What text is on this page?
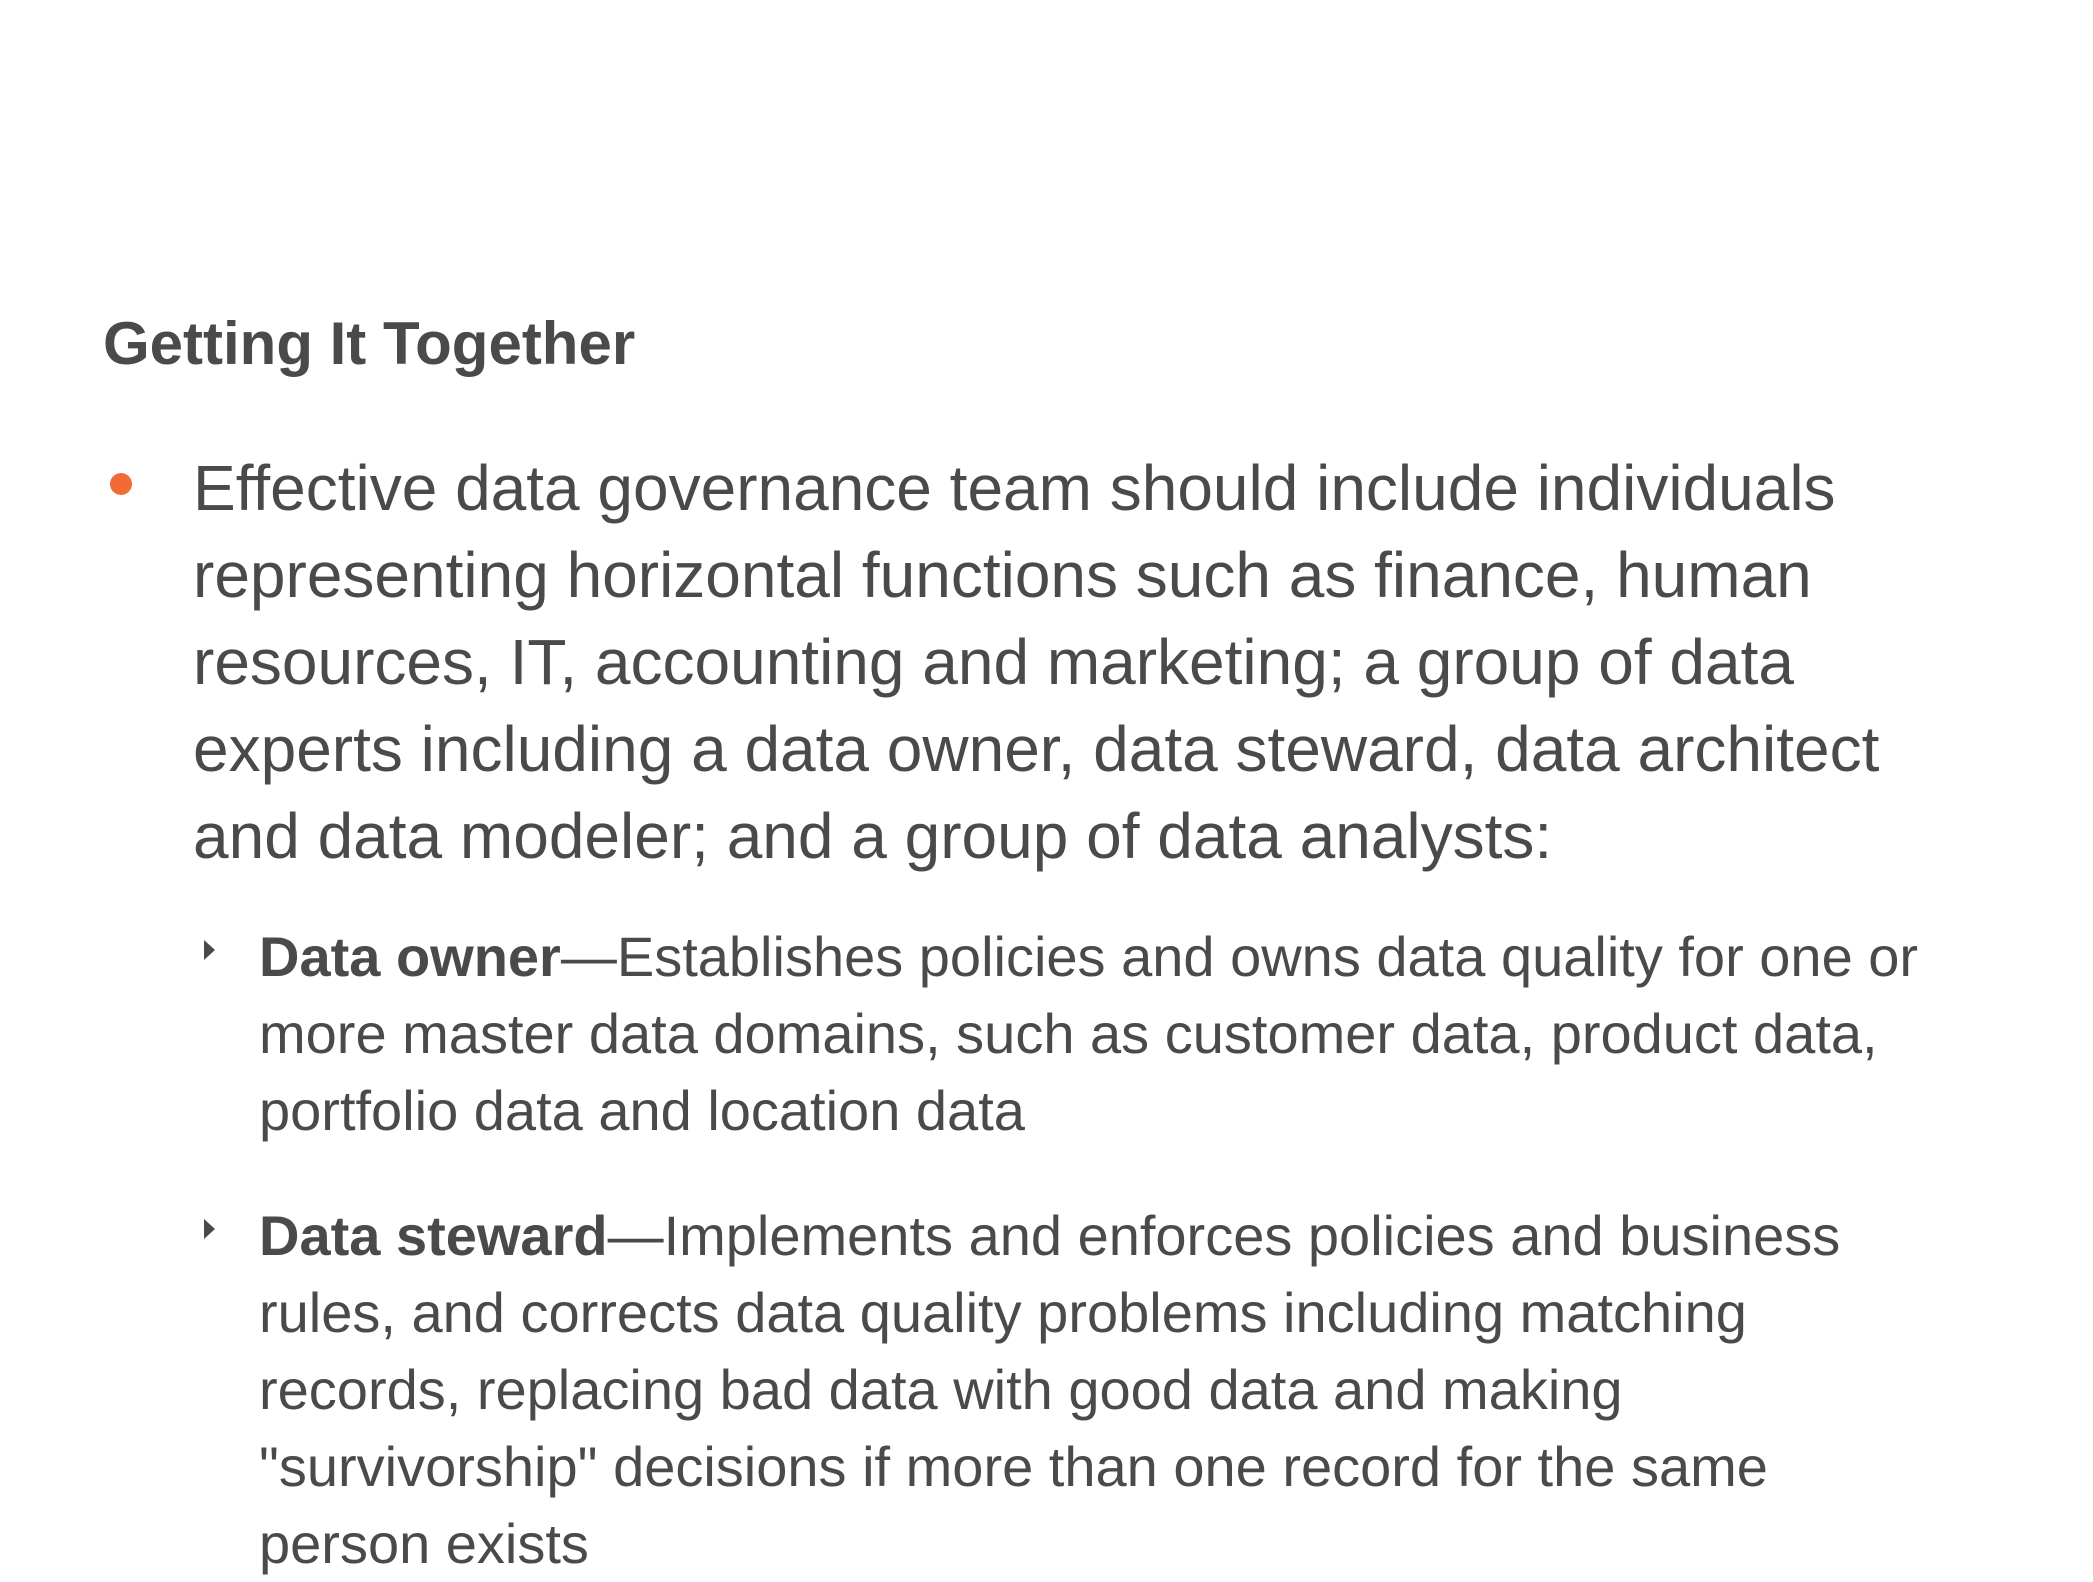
Getting It Together
Effective data governance team should include individuals
representing horizontal functions such as finance, human
resources, IT, accounting and marketing; a group of data
experts including a data owner, data steward, data architect
and data modeler; and a group of data analysts:
Data owner—Establishes policies and owns data quality for one or
more master data domains, such as customer data, product data,
portfolio data and location data
Data steward—Implements and enforces policies and business
rules, and corrects data quality problems including matching
records, replacing bad data with good data and making
"survivorship" decisions if more than one record for the same
person exists
